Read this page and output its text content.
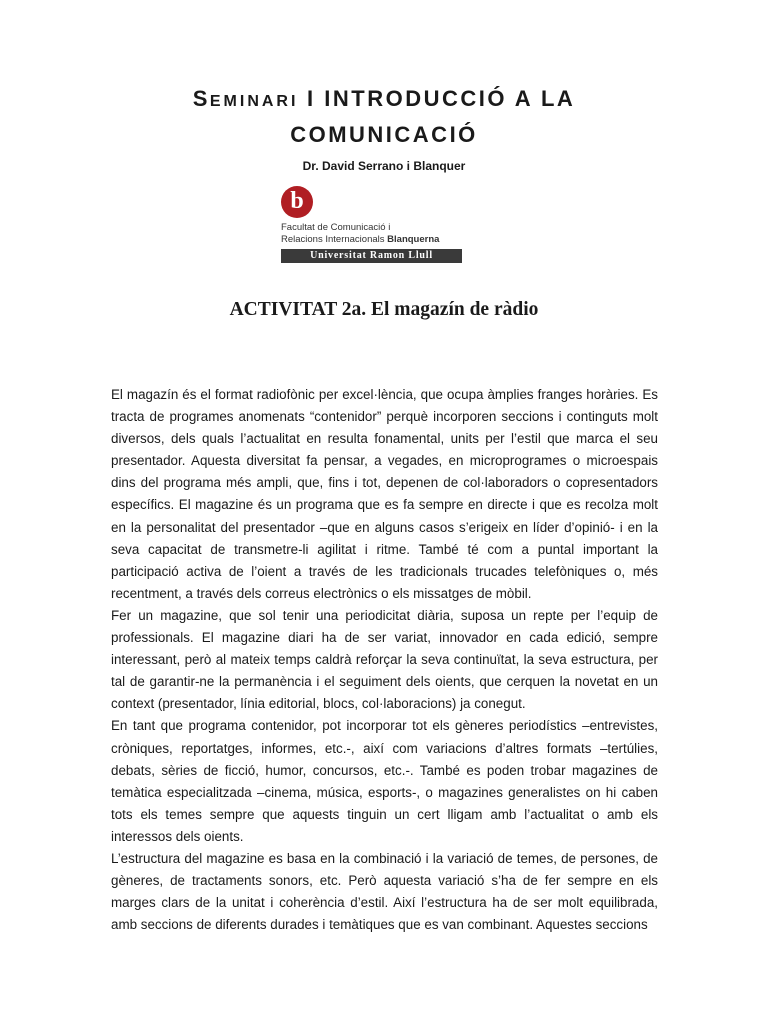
SEMINARI I INTRODUCCIÓ A LA
COMUNICACIÓ
Dr. David Serrano i Blanquer
b
Facultat de Comunicació i
Relacions Internacionals Blanquerna
Universitat Ramon Llull
ACTIVITAT 2a. El magazín de ràdio

El magazín és el format radiofònic per excel·lència, que ocupa àmplies franges horàries. Es tracta de programes anomenats “contenidor” perquè incorporen seccions i continguts molt diversos, dels quals l’actualitat en resulta fonamental, units per l’estil que marca el seu presentador. Aquesta diversitat fa pensar, a vegades, en microprogrames o microespais dins del programa més ampli, que, fins i tot, depenen de col·laboradors o copresentadors específics. El magazine és un programa que es fa sempre en directe i que es recolza molt en la personalitat del presentador –que en alguns casos s’erigeix en líder d’opinió- i en la seva capacitat de transmetre-li agilitat i ritme. També té com a puntal important la participació activa de l’oient a través de les tradicionals trucades telefòniques o, més recentment, a través dels correus electrònics o els missatges de mòbil.

Fer un magazine, que sol tenir una periodicitat diària, suposa un repte per l’equip de professionals. El magazine diari ha de ser variat, innovador en cada edició, sempre interessant, però al mateix temps caldrà reforçar la seva continuïtat, la seva estructura, per tal de garantir-ne la permanència i el seguiment dels oients, que cerquen la novetat en un context (presentador, línia editorial, blocs, col·laboracions) ja conegut.

En tant que programa contenidor, pot incorporar tot els gèneres periodístics –entrevistes, cròniques, reportatges, informes, etc.-, així com variacions d’altres formats –tertúlies, debats, sèries de ficció, humor, concursos, etc.-. També es poden trobar magazines de temàtica especialitzada –cinema, música, esports-, o magazines generalistes on hi caben tots els temes sempre que aquests tinguin un cert lligam amb l’actualitat o amb els interessos dels oients.

L’estructura del magazine es basa en la combinació i la variació de temes, de persones, de gèneres, de tractaments sonors, etc. Però aquesta variació s’ha de fer sempre en els marges clars de la unitat i coherència d’estil. Així l’estructura ha de ser molt equilibrada, amb seccions de diferents durades i temàtiques que es van combinant. Aquestes seccions
